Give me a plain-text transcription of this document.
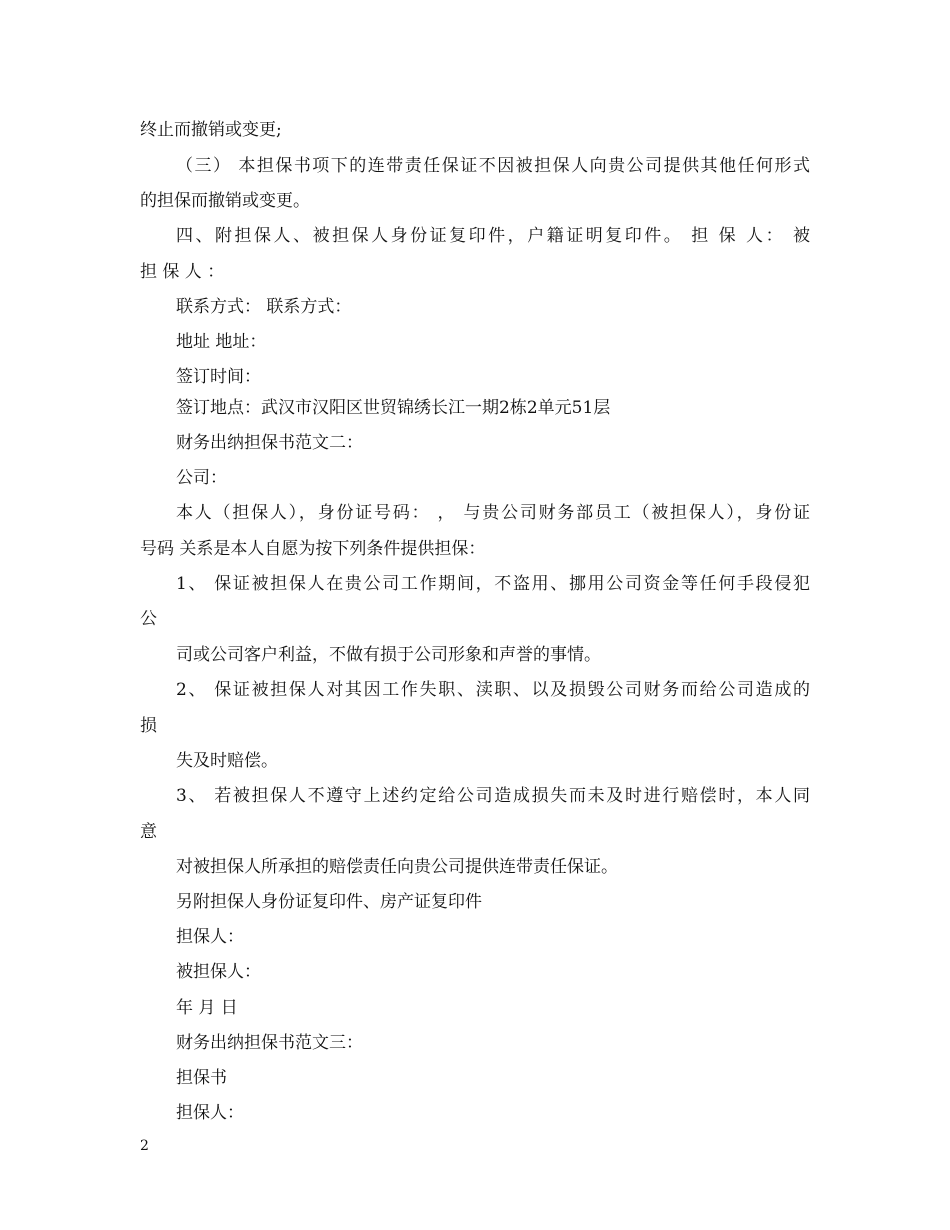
终止而撤销或变更;
（三） 本担保书项下的连带责任保证不因被担保人向贵公司提供其他任何形式
的担保而撤销或变更。
四、附担保人、被担保人身份证复印件，户籍证明复印件。 担 保 人： 被
担 保 人 ：
联系方式： 联系方式：
地址 地址：
签订时间：
签订地点：武汉市汉阳区世贸锦绣长江一期2栋2单元51层
财务出纳担保书范文二：
公司：
本人（担保人），身份证号码： ， 与贵公司财务部员工（被担保人），身份证
号码 关系是本人自愿为按下列条件提供担保：
1、 保证被担保人在贵公司工作期间，不盗用、挪用公司资金等任何手段侵犯
公
司或公司客户利益，不做有损于公司形象和声誉的事情。
2、 保证被担保人对其因工作失职、渎职、以及损毁公司财务而给公司造成的
损
失及时赔偿。
3、 若被担保人不遵守上述约定给公司造成损失而未及时进行赔偿时，本人同
意
对被担保人所承担的赔偿责任向贵公司提供连带责任保证。
另附担保人身份证复印件、房产证复印件
担保人：
被担保人：
年 月 日
财务出纳担保书范文三：
担保书
担保人：
2
